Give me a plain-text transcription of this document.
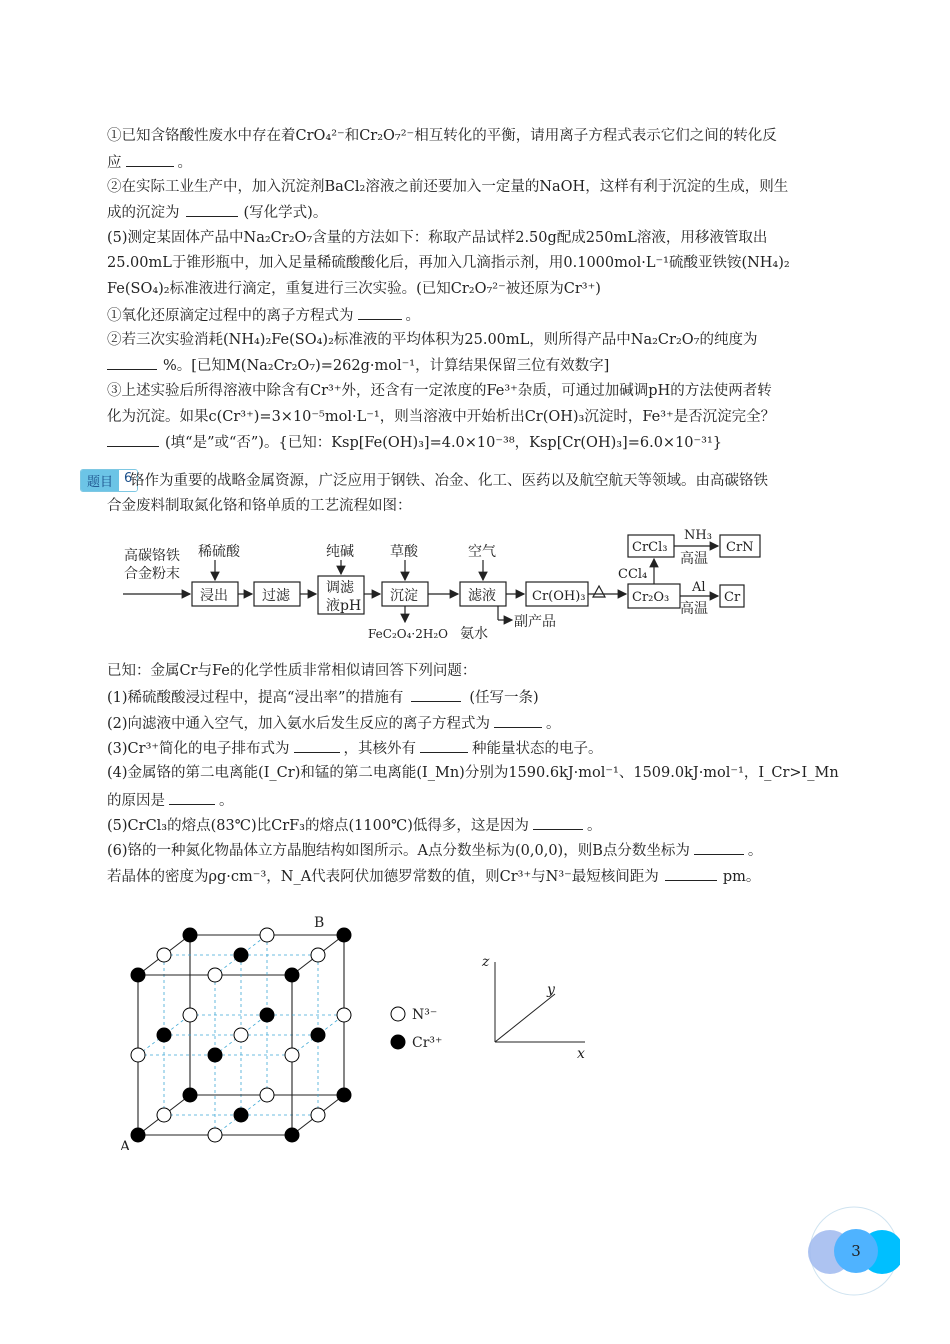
①已知含铬酸性废水中存在着CrO₄²⁻和Cr₂O₇²⁻相互转化的平衡，请用离子方程式表示它们之间的转化反
应	。
②在实际工业生产中，加入沉淀剂BaCl₂溶液之前还要加入一定量的NaOH，这样有利于沉淀的生成，则生
成的沉淀为	(写化学式)。
(5)测定某固体产品中Na₂Cr₂O₇含量的方法如下：称取产品试样2.50g配成250mL溶液，用移液管取出
25.00mL于锥形瓶中，加入足量稀硫酸酸化后，再加入几滴指示剂，用0.1000mol·L⁻¹硫酸亚铁铵(NH₄)₂
Fe(SO₄)₂标准液进行滴定，重复进行三次实验。(已知Cr₂O₇²⁻被还原为Cr³⁺)
①氧化还原滴定过程中的离子方程式为	。
②若三次实验消耗(NH₄)₂Fe(SO₄)₂标准液的平均体积为25.00mL，则所得产品中Na₂Cr₂O₇的纯度为
%。[已知M(Na₂Cr₂O₇)=262g·mol⁻¹，计算结果保留三位有效数字]
③上述实验后所得溶液中除含有Cr³⁺外，还含有一定浓度的Fe³⁺杂质，可通过加碱调pH的方法使两者转
化为沉淀。如果c(Cr³⁺)=3×10⁻⁵mol·L⁻¹，则当溶液中开始析出Cr(OH)₃沉淀时，Fe³⁺是否沉淀完全？
(填“是”或“否”)。{已知：Ksp[Fe(OH)₃]=4.0×10⁻³⁸，Ksp[Cr(OH)₃]=6.0×10⁻³¹}
题目 6
铬作为重要的战略金属资源，广泛应用于钢铁、冶金、化工、医药以及航空航天等领域。由高碳铬铁
合金废料制取氮化铬和铬单质的工艺流程如图：
高碳铬铁
合金粉末
稀硫酸
浸出 过滤
纯碱
调滤
液pH
草酸
沉淀
FeC₂O₄·2H₂O
空气
滤液
氨水
副产品
Cr(OH)₃	Cr₂O₃
CCl₄
CrCl₃
NH₃
高温
CrN
Al
高温
Cr
已知：金属Cr与Fe的化学性质非常相似请回答下列问题：
(1)稀硫酸酸浸过程中，提高“浸出率”的措施有	(任写一条)
(2)向滤液中通入空气，加入氨水后发生反应的离子方程式为	。
(3)Cr³⁺简化的电子排布式为	，其核外有	种能量状态的电子。
(4)金属铬的第二电离能(I_Cr)和锰的第二电离能(I_Mn)分别为1590.6kJ·mol⁻¹、1509.0kJ·mol⁻¹，I_Cr>I_Mn
的原因是	。
(5)CrCl₃的熔点(83℃)比CrF₃的熔点(1100℃)低得多，这是因为	。
(6)铬的一种氮化物晶体立方晶胞结构如图所示。A点分数坐标为(0,0,0)，则B点分数坐标为	。
若晶体的密度为ρg·cm⁻³，N_A代表阿伏加德罗常数的值，则Cr³⁺与N³⁻最短核间距为	pm。
A
B
N³⁻
Cr³⁺
z
y
x
3
